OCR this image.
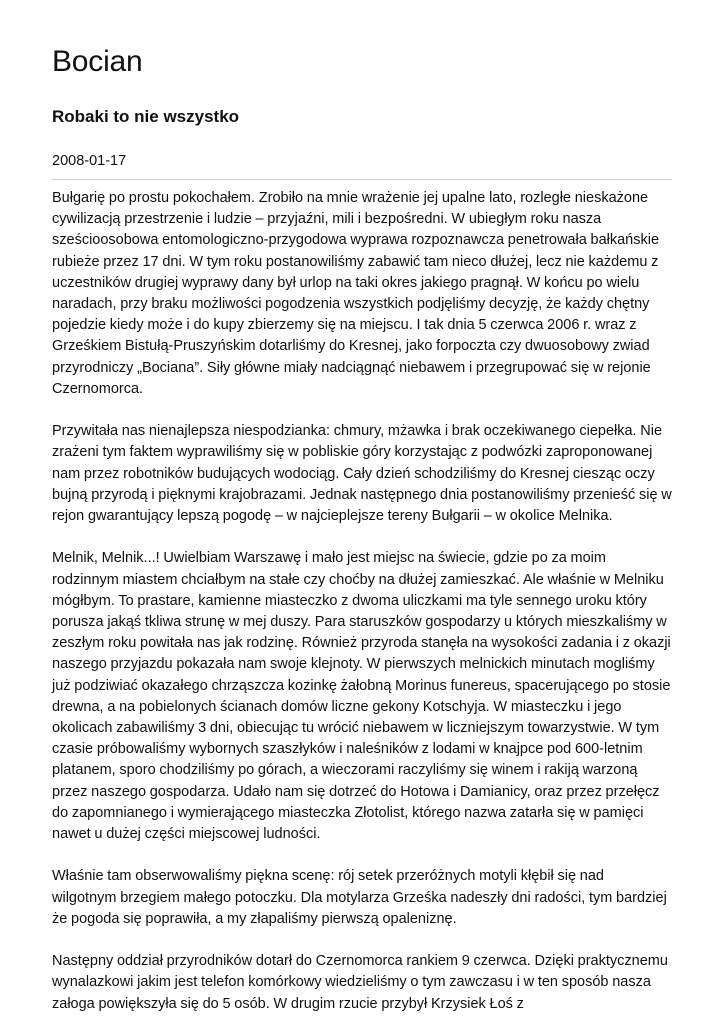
Bocian
Robaki to nie wszystko
2008-01-17

Bułgarię po prostu pokochałem. Zrobiło na mnie wrażenie jej upalne lato, rozległe nieskażone cywilizacją przestrzenie i ludzie – przyjaźni, mili i bezpośredni. W ubiegłym roku nasza sześcioosobowa entomologiczno-przygodowa wyprawa rozpoznawcza penetrowała bałkańskie rubieże przez 17 dni. W tym roku postanowiliśmy zabawić tam nieco dłużej, lecz nie każdemu z uczestników drugiej wyprawy dany był urlop na taki okres jakiego pragnął. W końcu po wielu naradach, przy braku możliwości pogodzenia wszystkich podjęliśmy decyzję, że każdy chętny pojedzie kiedy może i do kupy zbierzemy się na miejscu. I tak dnia 5 czerwca 2006 r. wraz z Grześkiem Bistułą-Pruszyńskim dotarliśmy do Kresnej, jako forpoczta czy dwuosobowy zwiad przyrodniczy „Bociana”. Siły główne miały nadciągnąć niebawem i przegrupować się w rejonie Czernomorca.

Przywitała nas nienajlepsza niespodzianka: chmury, mżawka i brak oczekiwanego ciepełka. Nie zrażeni tym faktem wyprawiliśmy się w pobliskie góry korzystając z podwózki zaproponowanej nam przez robotników budujących wodociąg. Cały dzień schodziliśmy do Kresnej ciesząc oczy bujną przyrodą i pięknymi krajobrazami. Jednak następnego dnia postanowiliśmy przenieść się w rejon gwarantujący lepszą pogodę – w najcieplejsze tereny Bułgarii – w okolice Melnika.

Melnik, Melnik...! Uwielbiam Warszawę i mało jest miejsc na świecie, gdzie po za moim rodzinnym miastem chciałbym na stałe czy choćby na dłużej zamieszkać. Ale właśnie w Melniku mógłbym. To prastare, kamienne miasteczko z dwoma uliczkami ma tyle sennego uroku który porusza jakąś tkliwa strunę w mej duszy. Para staruszków gospodarzy u których mieszkaliśmy w zeszłym roku powitała nas jak rodzinę. Również przyroda stanęła na wysokości zadania i z okazji naszego przyjazdu pokazała nam swoje klejnoty. W pierwszych melnickich minutach mogliśmy już podziwiać okazałego chrząszcza kozinkę żałobną Morinus funereus, spacerującego po stosie drewna, a na pobielonych ścianach domów liczne gekony Kotschyja. W miasteczku i jego okolicach zabawiliśmy 3 dni, obiecując tu wrócić niebawem w liczniejszym towarzystwie. W tym czasie próbowaliśmy wybornych szaszłyków i naleśników z lodami w knajpce pod 600-letnim platanem, sporo chodziliśmy po górach, a wieczorami raczyliśmy się winem i rakiją warzoną przez naszego gospodarza. Udało nam się dotrzeć do Hotowa i Damianicy, oraz przez przełęcz do zapomnianego i wymierającego miasteczka Złotolist, którego nazwa zatarła się w pamięci nawet u dużej części miejscowej ludności.

Właśnie tam obserwowaliśmy piękna scenę: rój setek przeróżnych motyli kłębił się nad wilgotnym brzegiem małego potoczku. Dla motylarza Grześka nadeszły dni radości, tym bardziej że pogoda się poprawiła, a my złapaliśmy pierwszą opaleniznę.

Następny oddział przyrodników dotarł do Czernomorca rankiem 9 czerwca. Dzięki praktycznemu wynalazkowi jakim jest telefon komórkowy wiedzieliśmy o tym zawczasu i w ten sposób nasza załoga powiększyła się do 5 osób. W drugim rzucie przybył Krzysiek Łoś z
